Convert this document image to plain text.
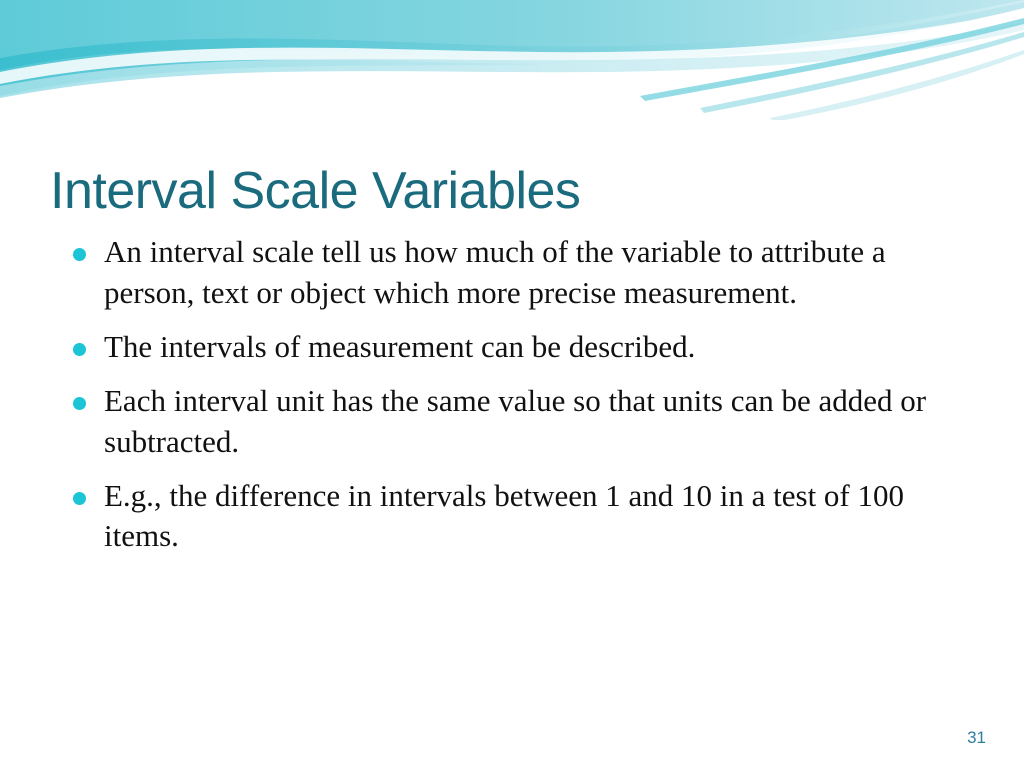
Interval Scale Variables
An interval scale tell us how much of the variable to attribute a person, text or object which more precise measurement.
The intervals of measurement can be described.
Each interval unit has the same value so that units can be added or subtracted.
E.g., the difference in intervals between 1 and 10 in a test of 100 items.
31
